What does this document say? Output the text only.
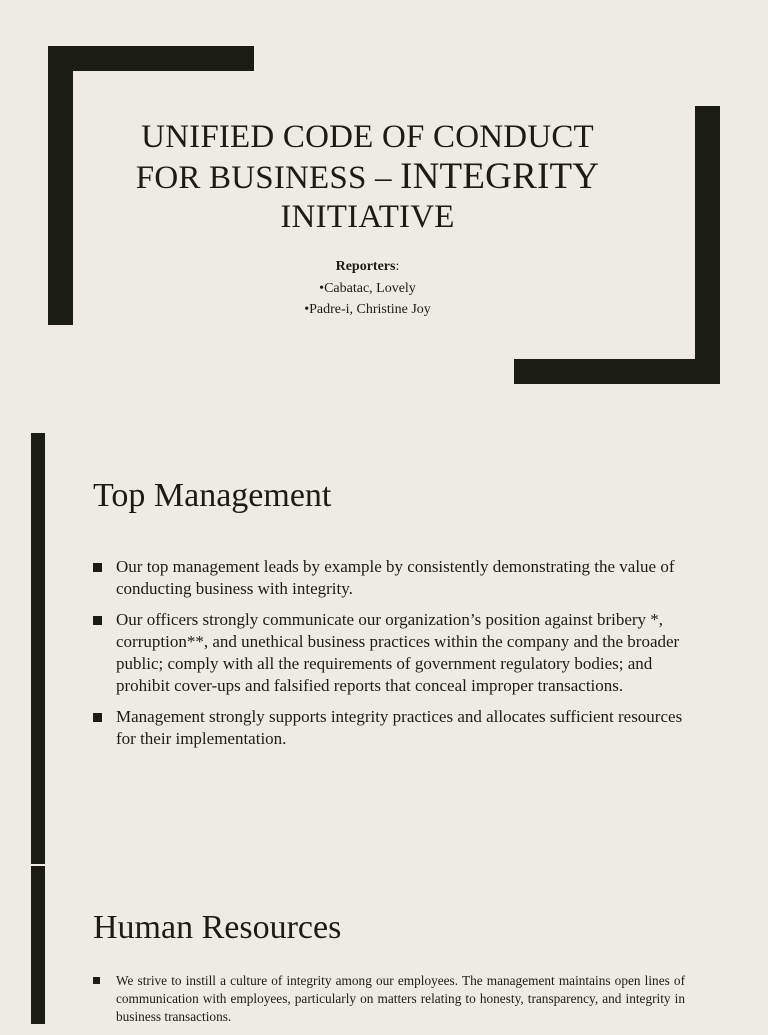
UNIFIED CODE OF CONDUCT
FOR BUSINESS – INTEGRITY
INITIATIVE
Reporters:
•Cabatac, Lovely
•Padre-i, Christine Joy
Top Management
Our top management leads by example by consistently demonstrating the value of conducting business with integrity.
Our officers strongly communicate our organization’s position against bribery *, corruption**, and unethical business practices within the company and the broader public; comply with all the requirements of government regulatory bodies; and prohibit cover-ups and falsified reports that conceal improper transactions.
Management strongly supports integrity practices and allocates sufficient resources for their implementation.
Human Resources
We strive to instill a culture of integrity among our employees. The management maintains open lines of communication with employees, particularly on matters relating to honesty, transparency, and integrity in business transactions.
